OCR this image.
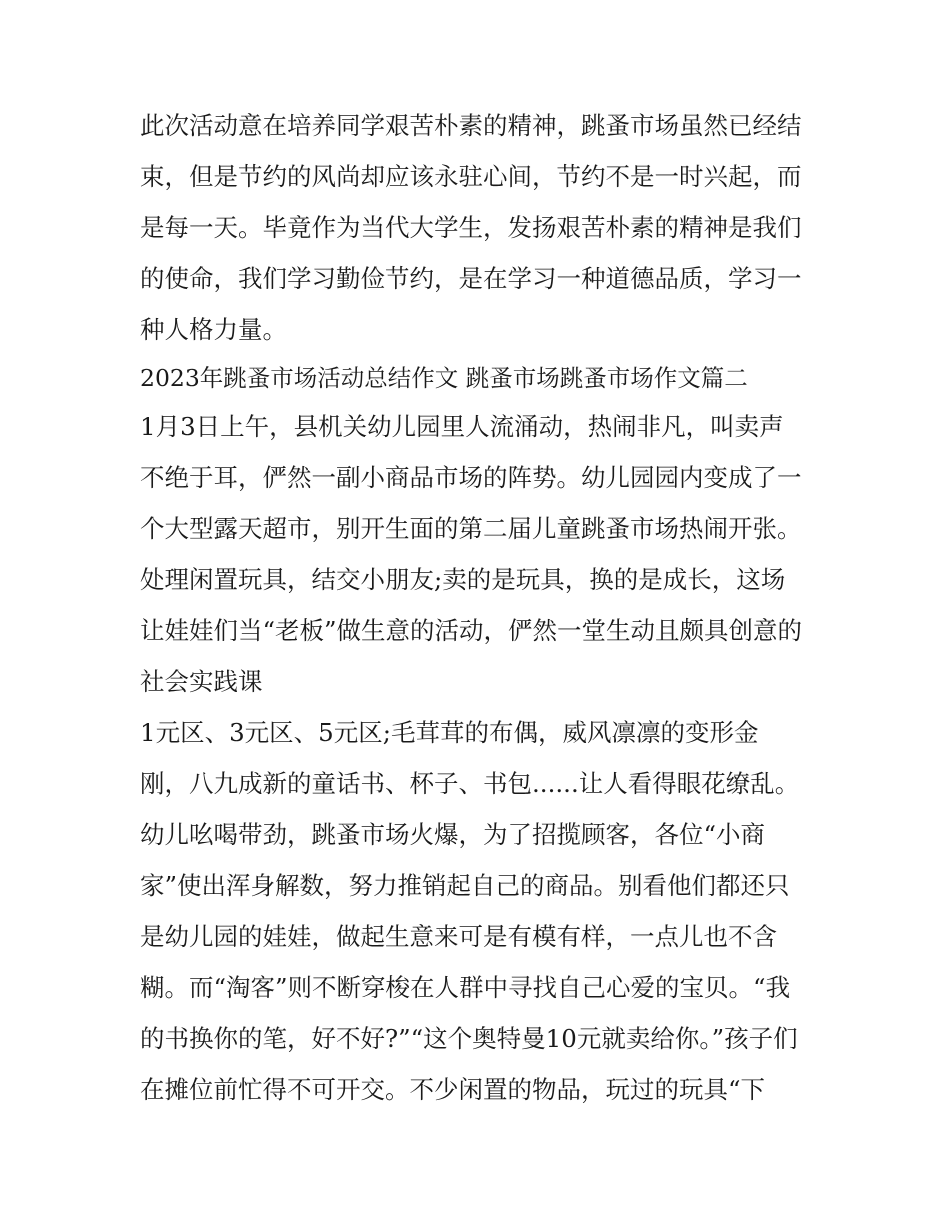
此次活动意在培养同学艰苦朴素的精神，跳蚤市场虽然已经结
束，但是节约的风尚却应该永驻心间，节约不是一时兴起，而
是每一天。毕竟作为当代大学生，发扬艰苦朴素的精神是我们
的使命，我们学习勤俭节约，是在学习一种道德品质，学习一
种人格力量。
2023年跳蚤市场活动总结作文 跳蚤市场跳蚤市场作文篇二
1月3日上午，县机关幼儿园里人流涌动，热闹非凡，叫卖声
不绝于耳，俨然一副小商品市场的阵势。幼儿园园内变成了一
个大型露天超市，别开生面的第二届儿童跳蚤市场热闹开张。
处理闲置玩具，结交小朋友;卖的是玩具，换的是成长，这场
让娃娃们当“老板”做生意的活动，俨然一堂生动且颇具创意的
社会实践课
1元区、3元区、5元区;毛茸茸的布偶，威风凛凛的变形金
刚，八九成新的童话书、杯子、书包......让人看得眼花缭乱。
幼儿吆喝带劲，跳蚤市场火爆，为了招揽顾客，各位“小商
家”使出浑身解数，努力推销起自己的商品。别看他们都还只
是幼儿园的娃娃，做起生意来可是有模有样，一点儿也不含
糊。而“淘客”则不断穿梭在人群中寻找自己心爱的宝贝。“我
的书换你的笔，好不好?”“这个奥特曼10元就卖给你。”孩子们
在摊位前忙得不可开交。不少闲置的物品，玩过的玩具“下
